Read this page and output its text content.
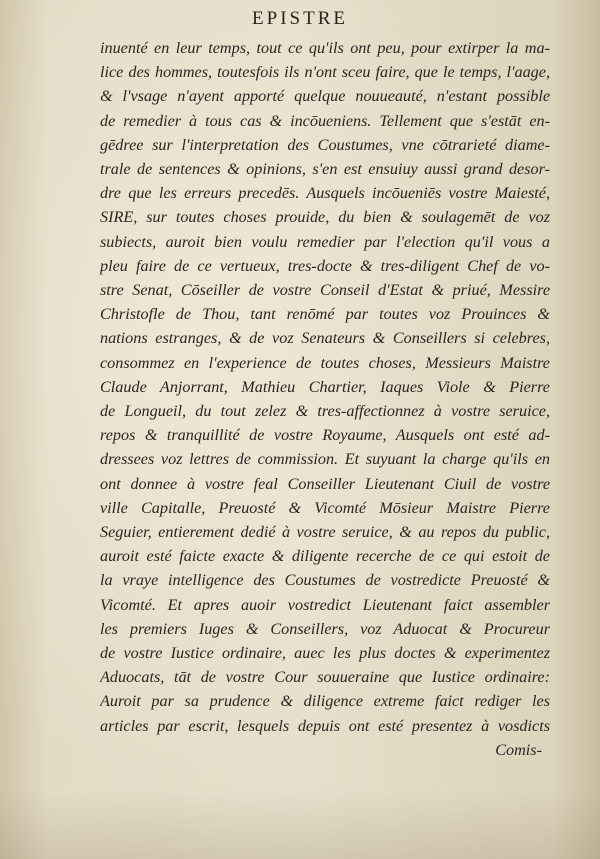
EPISTRE
inuenté en leur temps, tout ce qu'ils ont peu, pour extirper la ma-
lice des hommes, toutesfois ils n'ont sceu faire, que le temps, l'aage,
& l'vsage n'ayent apporté quelque nouueauté, n'estant possible
de remedier à tous cas & incōueniens. Tellement que s'estāt en-
gēdree sur l'interpretation des Coustumes, vne cōtrarieté diame-
trale de sentences & opinions, s'en est ensuiuy aussi grand desor-
dre que les erreurs precedēs. Ausquels incōueniēs vostre Maiesté,
SIRE, sur toutes choses prouide, du bien & soulagemēt de voz
subiects, auroit bien voulu remedier par l'election qu'il vous a
pleu faire de ce vertueux, tres-docte & tres-diligent Chef de vo-
stre Senat, Cōseiller de vostre Conseil d'Estat & priué, Messire
Christofle de Thou, tant renōmé par toutes voz Prouinces &
nations estranges, & de voz Senateurs & Conseillers si celebres,
consommez en l'experience de toutes choses, Messieurs Maistre
Claude Anjorrant, Mathieu Chartier, Iaques Viole & Pierre
de Longueil, du tout zelez & tres-affectionnez à vostre seruice,
repos & tranquillité de vostre Royaume, Ausquels ont esté ad-
dressees voz lettres de commission. Et suyuant la charge qu'ils en
ont donnee à vostre feal Conseiller Lieutenant Ciuil de vostre
ville Capitalle, Preuosté & Vicomté Mōsieur Maistre Pierre
Seguier, entierement dedié à vostre seruice, & au repos du public,
auroit esté faicte exacte & diligente recerche de ce qui estoit de
la vraye intelligence des Coustumes de vostredicte Preuosté &
Vicomté. Et apres auoir vostredict Lieutenant faict assembler
les premiers Iuges & Conseillers, voz Aduocat & Procureur
de vostre Iustice ordinaire, auec les plus doctes & experimentez
Aduocats, tāt de vostre Cour souueraine que Iustice ordinaire:
Auroit par sa prudence & diligence extreme faict rediger les
articles par escrit, lesquels depuis ont esté presentez à vosdicts
Comis-
